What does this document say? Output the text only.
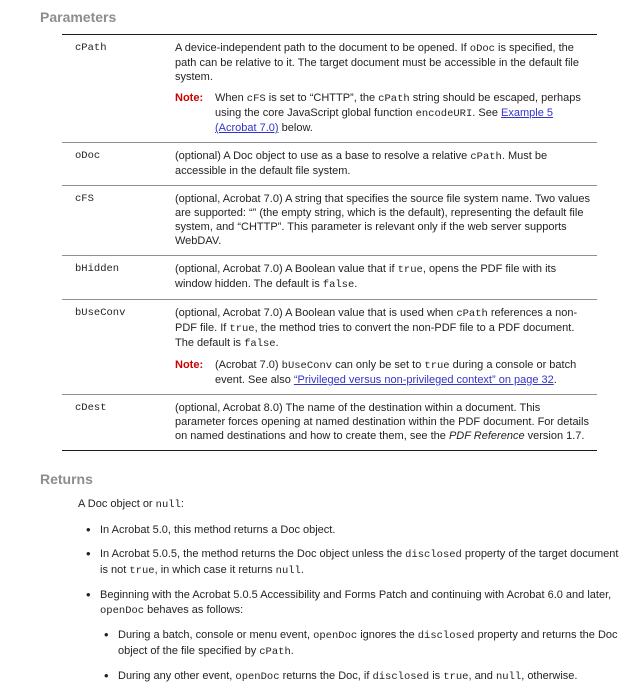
Parameters
cPath	A device-independent path to the document to be opened. If oDoc is specified, the path can be relative to it. The target document must be accessible in the default file system.
Note: When cFS is set to “CHTTP”, the cPath string should be escaped, perhaps using the core JavaScript global function encodeURI. See Example 5 (Acrobat 7.0) below.

oDoc	(optional) A Doc object to use as a base to resolve a relative cPath. Must be accessible in the default file system.

cFS	(optional, Acrobat 7.0) A string that specifies the source file system name. Two values are supported: “” (the empty string, which is the default), representing the default file system, and “CHTTP”. This parameter is relevant only if the web server supports WebDAV.

bHidden	(optional, Acrobat 7.0) A Boolean value that if true, opens the PDF file with its window hidden. The default is false.

bUseConv	(optional, Acrobat 7.0) A Boolean value that is used when cPath references a non-PDF file. If true, the method tries to convert the non-PDF file to a PDF document. The default is false.
Note: (Acrobat 7.0) bUseConv can only be set to true during a console or batch event. See also “Privileged versus non-privileged context” on page 32.

cDest	(optional, Acrobat 8.0) The name of the destination within a document. This parameter forces opening at named destination within the PDF document. For details on named destinations and how to create them, see the PDF Reference version 1.7.
Returns

A Doc object or null:

• In Acrobat 5.0, this method returns a Doc object.
• In Acrobat 5.0.5, the method returns the Doc object unless the disclosed property of the target document is not true, in which case it returns null.
• Beginning with the Acrobat 5.0.5 Accessibility and Forms Patch and continuing with Acrobat 6.0 and later, openDoc behaves as follows:
• During a batch, console or menu event, openDoc ignores the disclosed property and returns the Doc object of the file specified by cPath.
• During any other event, openDoc returns the Doc, if disclosed is true, and null, otherwise.
